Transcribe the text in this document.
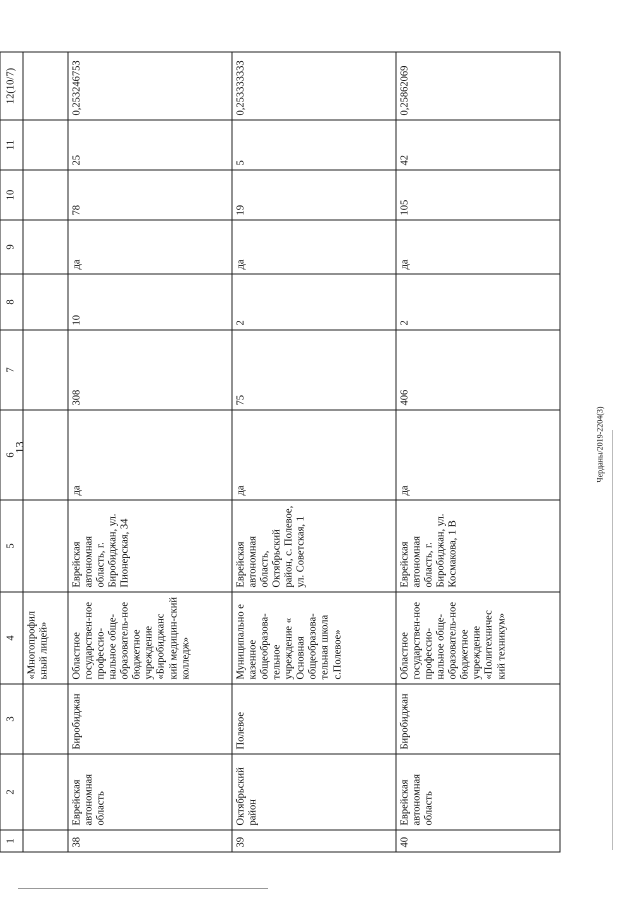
13	Черданы/2019-2204(3)
1	2	3	4	5	6	7	8	9	10	11	12(10/7)
			«Многопрофил ьный лицей»								
38	Еврейская автономная область	Биробиджан	Областное государствен-ное профессио-нальное обще-образователь-ное бюджетное учреждение «Биробиджанс кий медицин-ский колледж»	Еврейская автономная область, г. Биробиджан, ул. Пионерская, 34	да	308	10	да	78	25	0,25324675З
39	Октябрьский район	Полевое	Муниципально е казенное общеобразова-тельное учреждение « Основная общеобразова-тельная школа с.Полевое»	Еврейская автономная область, Октябрьский район, с. Полевое, ул. Советская, 1	да	75	2	да	19	5	0,25333333З
40	Еврейская автономная область	Биробиджан	Областное государствен-ное профессио-нальное обще-образователь-ное бюджетное учреждение «Политехничес кий техникум»	Еврейская автономная область, г. Биробиджан, ул. Космакова, 1 В	да	406	2	да	105	42	0,25862069
